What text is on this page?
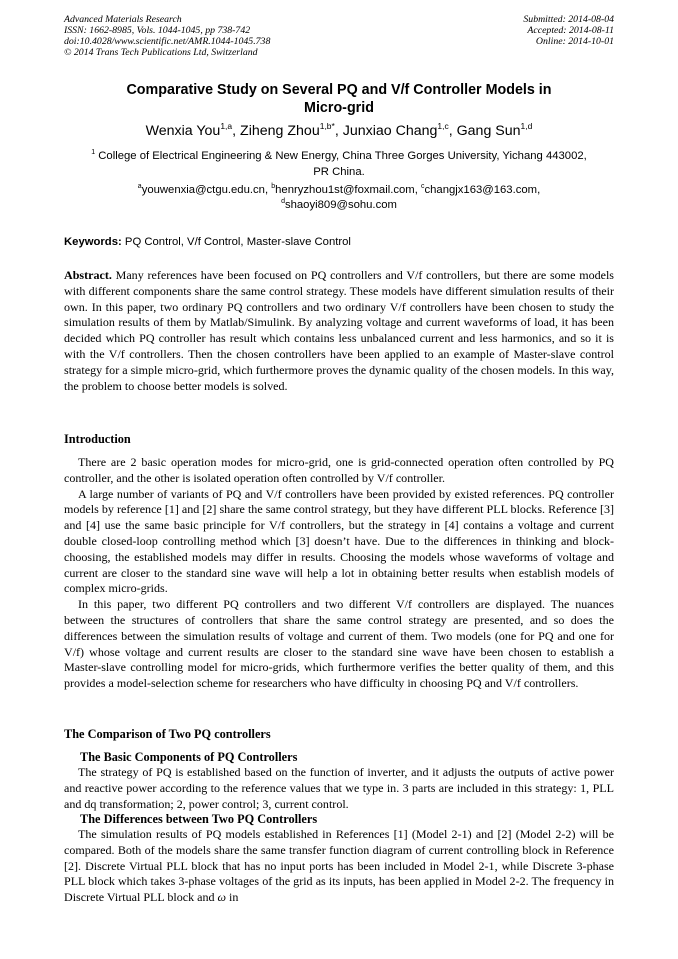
Advanced Materials Research
ISSN: 1662-8985, Vols. 1044-1045, pp 738-742
doi:10.4028/www.scientific.net/AMR.1044-1045.738
© 2014 Trans Tech Publications Ltd, Switzerland
Submitted: 2014-08-04
Accepted: 2014-08-11
Online: 2014-10-01
Comparative Study on Several PQ and V/f Controller Models in
Micro-grid
Wenxia You$^{1,a}$, Ziheng Zhou$^{1,b*}$, Junxiao Chang$^{1,c}$, Gang Sun$^{1,d}$
$^1$ College of Electrical Engineering & New Energy, China Three Gorges University, Yichang 443002,
PR China.
$^a$youwenxia@ctgu.edu.cn, $^b$henryzhou1st@foxmail.com, $^c$changjx163@163.com,
$^d$shaoyi809@sohu.com
Keywords: PQ Control, V/f Control, Master-slave Control

Abstract. Many references have been focused on PQ controllers and V/f controllers, but there are some models with different components share the same control strategy. These models have different simulation results of their own. In this paper, two ordinary PQ controllers and two ordinary V/f controllers have been chosen to study the simulation results of them by Matlab/Simulink. By analyzing voltage and current waveforms of load, it has been decided which PQ controller has result which contains less unbalanced current and less harmonics, and so it is with the V/f controllers. Then the chosen controllers have been applied to an example of Master-slave control strategy for a simple micro-grid, which furthermore proves the dynamic quality of the chosen models. In this way, the problem to choose better models is solved.

Introduction

There are 2 basic operation modes for micro-grid, one is grid-connected operation often controlled by PQ controller, and the other is isolated operation often controlled by V/f controller.

A large number of variants of PQ and V/f controllers have been provided by existed references. PQ controller models by reference [1] and [2] share the same control strategy, but they have different PLL blocks. Reference [3] and [4] use the same basic principle for V/f controllers, but the strategy in [4] contains a voltage and current double closed-loop controlling method which [3] doesn’t have. Due to the differences in thinking and block-choosing, the established models may differ in results. Choosing the models whose waveforms of voltage and current are closer to the standard sine wave will help a lot in obtaining better results when establish models of complex micro-grids.

In this paper, two different PQ controllers and two different V/f controllers are displayed. The nuances between the structures of controllers that share the same control strategy are presented, and so does the differences between the simulation results of voltage and current of them. Two models (one for PQ and one for V/f) whose voltage and current results are closer to the standard sine wave have been chosen to establish a Master-slave controlling model for micro-grids, which furthermore verifies the better quality of them, and this provides a model-selection scheme for researchers who have difficulty in choosing PQ and V/f controllers.

The Comparison of Two PQ controllers
The Basic Components of PQ Controllers

The strategy of PQ is established based on the function of inverter, and it adjusts the outputs of active power and reactive power according to the reference values that we type in. 3 parts are included in this strategy: 1, PLL and dq transformation; 2, power control; 3, current control.

The Differences between Two PQ Controllers

The simulation results of PQ models established in References [1] (Model 2-1) and [2] (Model 2-2) will be compared. Both of the models share the same transfer function diagram of current controlling block in Reference [2]. Discrete Virtual PLL block that has no input ports has been included in Model 2-1, while Discrete 3-phase PLL block which takes 3-phase voltages of the grid as its inputs, has been applied in Model 2-2. The frequency in Discrete Virtual PLL block and ω in
